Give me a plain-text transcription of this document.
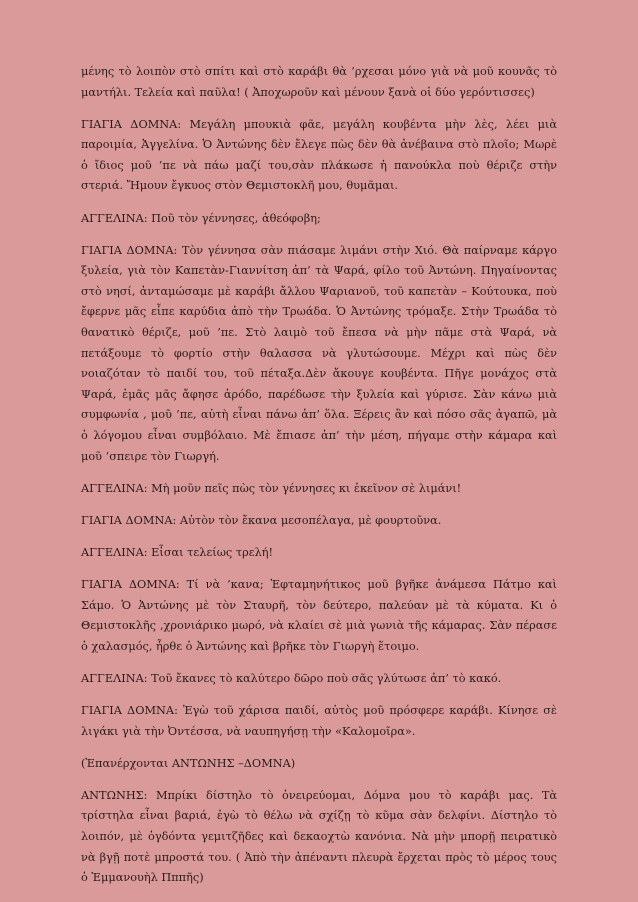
μένης τὸ λοιπὸν στὸ σπίτι καὶ στὸ καράβι θὰ ’ρχεσαι μόνο γιὰ νὰ μοῦ κουνᾶς τὸ μαντήλι. Τελεία καὶ παῦλα! ( Ἀποχωροῦν καὶ μένουν ξανὰ οἱ δύο γερόντισσες)

ΓΙΑΓΙΑ ΔΟΜΝΑ: Μεγάλη μπουκιὰ φᾶε, μεγάλη κουβέντα μὴν λὲς, λέει μιὰ παροιμία, Ἀγγελίνα. Ὁ Ἀντώνης δὲν ἔλεγε πὼς δὲν θὰ ἀνέβαινα στὸ πλοῖο; Μωρὲ ὁ ἴδιος μοῦ ’πε νὰ πάω μαζί του,σὰν πλάκωσε ἡ πανούκλα ποὺ θέριζε στὴν στεριά. Ἤμουν ἔγκυος στὸν Θεμιστοκλῆ μου, θυμᾶμαι.

ΑΓΓΕΛΙΝΑ: Ποῦ τὸν γέννησες, ἀθεόφοβη;

ΓΙΑΓΙΑ ΔΟΜΝΑ: Τὸν γέννησα σὰν πιάσαμε λιμάνι στὴν Χιό. Θὰ παίρναμε κάργο ξυλεία, γιὰ τὸν Καπετὰν-Γιαννίτση ἀπ’ τὰ Ψαρά, φίλο τοῦ Ἀντώνη. Πηγαίνοντας στὸ νησί, ἀνταμώσαμε μὲ καράβι ἄλλου Ψαριανοῦ, τοῦ καπετὰν – Κούτουκα, ποὺ ἔφερνε μᾶς εἶπε καρύδια ἀπὸ τὴν Τρωάδα. Ὁ Ἀντώνης τρόμαξε. Στὴν Τρωάδα τὸ θανατικὸ θέριζε, μοῦ ’πε. Στὸ λαιμὸ τοῦ ἔπεσα νὰ μὴν πᾶμε στὰ Ψαρά, νὰ πετάξουμε τὸ φορτίο στὴν θαλασσα νὰ γλυτώσουμε. Μέχρι καὶ πὼς δὲν νοιαζόταν τὸ παιδί του, τοῦ πέταξα.Δὲν ἄκουγε κουβέντα. Πῆγε μονάχος στὰ Ψαρά, ἐμᾶς μᾶς ἄφησε ἀρόδο, παρέδωσε τὴν ξυλεία καὶ γύρισε. Σὰν κάνω μιὰ συμφωνία , μοῦ ’πε, αὐτὴ εἶναι πάνω ἀπ’ ὅλα. Ξέρεις ἂν καὶ πόσο σᾶς ἀγαπῶ, μὰ ὁ λόγομου εἶναι συμβόλαιο. Μὲ ἔπιασε ἀπ’ τὴν μέση, πήγαμε στὴν κάμαρα καὶ μοῦ ’σπειρε τὸν Γιωργή.

ΑΓΓΕΛΙΝΑ: Μὴ μοῦν πεῖς πὼς τὸν γέννησες κι ἐκεῖνον σὲ λιμάνι!

ΓΙΑΓΙΑ ΔΟΜΝΑ: Αὐτὸν τὸν ἔκανα μεσοπέλαγα, μὲ φουρτοῦνα.

ΑΓΓΕΛΙΝΑ: Εἶσαι τελείως τρελή!

ΓΙΑΓΙΑ ΔΟΜΝΑ: Τί νὰ ’κανα; Ἑφταμηνήτικος μοῦ βγῆκε ἀνάμεσα Πάτμο καὶ Σάμο. Ὁ Ἀντώνης μὲ τὸν Σταυρῆ, τὸν δεύτερο, παλεύαν μὲ τὰ κύματα. Κι ὁ Θεμιστοκλῆς ,χρονιάρικο μωρό, νὰ κλαίει σὲ μιὰ γωνιὰ τῆς κάμαρας. Σὰν πέρασε ὁ χαλασμός, ἦρθε ὁ Ἀντώνης καὶ βρῆκε τὸν Γιωργὴ ἕτοιμο.

ΑΓΓΕΛΙΝΑ: Τοῦ ἔκανες τὸ καλύτερο δῶρο ποὺ σᾶς γλύτωσε ἀπ’ τὸ κακό.

ΓΙΑΓΙΑ ΔΟΜΝΑ: Ἐγὼ τοῦ χάρισα παιδί, αὐτὸς μοῦ πρόσφερε καράβι. Κίνησε σὲ λιγάκι γιὰ τὴν Ὀντέσσα, νὰ ναυπηγήσῃ τὴν «Καλομοῖρα».

(Ἐπανέρχονται ΑΝΤΩΝΗΣ –ΔΟΜΝΑ)

ΑΝΤΩΝΗΣ: Μπρίκι δίστηλο τὸ ὀνειρεύομαι, Δόμνα μου τὸ καράβι μας. Τὰ τρίστηλα εἶναι βαριά, ἐγὼ τὸ θέλω νὰ σχίζῃ τὸ κῦμα σὰν δελφίνι. Δίστηλο τὸ λοιπόν, μὲ ὀγδόντα γεμιτζῆδες καὶ δεκαοχτὼ κανόνια. Νὰ μὴν μπορῇ πειρατικὸ νὰ βγῇ ποτὲ μπροστά του. ( Ἀπὸ τὴν ἀπέναντι πλευρὰ ἔρχεται πρὸς τὸ μέρος τους ὁ Ἐμμανουὴλ Πππῆς)
